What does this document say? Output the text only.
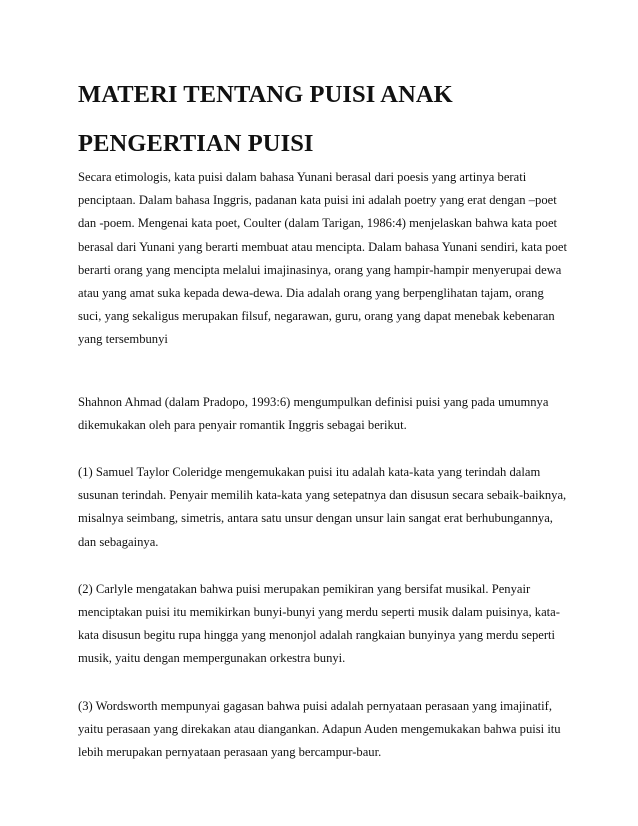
MATERI TENTANG PUISI ANAK
PENGERTIAN PUISI

Secara etimologis, kata puisi dalam bahasa Yunani berasal dari poesis yang artinya berati penciptaan. Dalam bahasa Inggris, padanan kata puisi ini adalah poetry yang erat dengan –poet dan -poem. Mengenai kata poet, Coulter (dalam Tarigan, 1986:4) menjelaskan bahwa kata poet berasal dari Yunani yang berarti membuat atau mencipta. Dalam bahasa Yunani sendiri, kata poet berarti orang yang mencipta melalui imajinasinya, orang yang hampir-hampir menyerupai dewa atau yang amat suka kepada dewa-dewa. Dia adalah orang yang berpenglihatan tajam, orang suci, yang sekaligus merupakan filsuf, negarawan, guru, orang yang dapat menebak kebenaran yang tersembunyi

Shahnon Ahmad (dalam Pradopo, 1993:6) mengumpulkan definisi puisi yang pada umumnya dikemukakan oleh para penyair romantik Inggris sebagai berikut.

(1) Samuel Taylor Coleridge mengemukakan puisi itu adalah kata-kata yang terindah dalam susunan terindah. Penyair memilih kata-kata yang setepatnya dan disusun secara sebaik-baiknya, misalnya seimbang, simetris, antara satu unsur dengan unsur lain sangat erat berhubungannya, dan sebagainya.

(2) Carlyle mengatakan bahwa puisi merupakan pemikiran yang bersifat musikal. Penyair menciptakan puisi itu memikirkan bunyi-bunyi yang merdu seperti musik dalam puisinya, kata-kata disusun begitu rupa hingga yang menonjol adalah rangkaian bunyinya yang merdu seperti musik, yaitu dengan mempergunakan orkestra bunyi.

(3) Wordsworth mempunyai gagasan bahwa puisi adalah pernyataan perasaan yang imajinatif, yaitu perasaan yang direkakan atau diangankan. Adapun Auden mengemukakan bahwa puisi itu lebih merupakan pernyataan perasaan yang bercampur-baur.
